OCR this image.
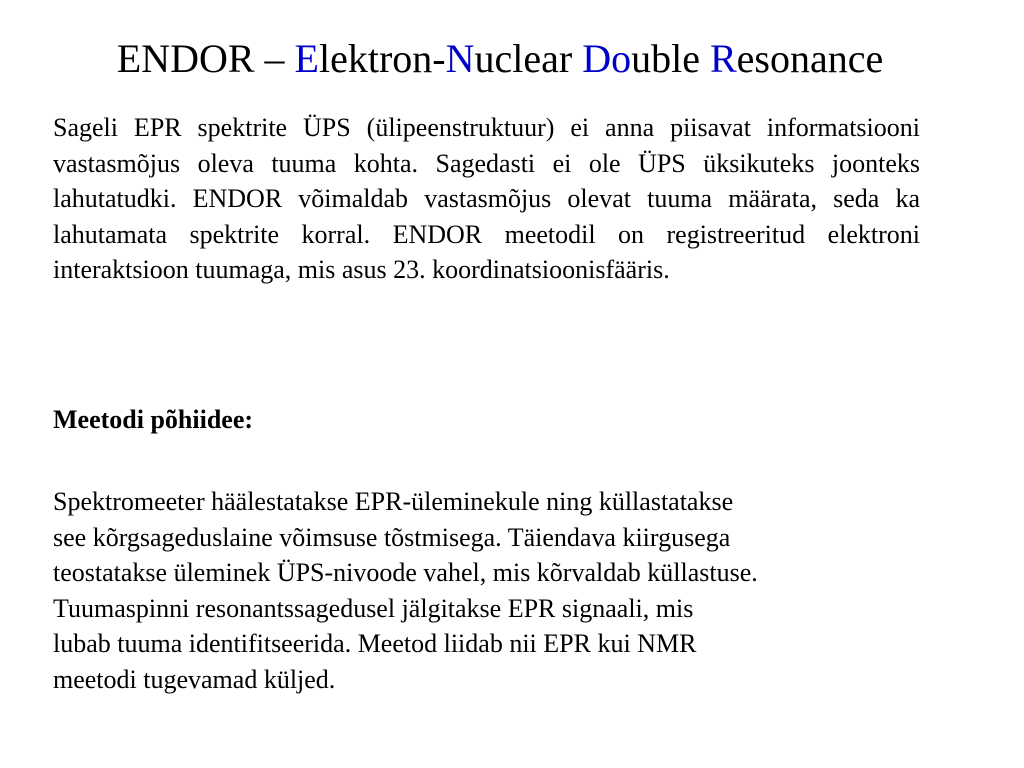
ENDOR – Elektron-Nuclear Double Resonance

Sageli EPR spektrite ÜPS (ülipeenstruktuur) ei anna piisavat informatsiooni vastasmõjus oleva tuuma kohta. Sagedasti ei ole ÜPS üksikuteks joonteks lahutatudki. ENDOR võimaldab vastasmõjus olevat tuuma määrata, seda ka lahutamata spektrite korral. ENDOR meetodil on registreeritud elektroni interaktsioon tuumaga, mis asus 23. koordinatsioonisfääris.

Meetodi põhiidee:

Spektromeeter häälestatakse EPR-üleminekule ning küllastatakse
see kõrgsageduslaine võimsuse tõstmisega. Täiendava kiirgusega
teostatakse üleminek ÜPS-nivoode vahel, mis kõrvaldab küllastuse.
Tuumaspinni resonantssagedusel jälgitakse EPR signaali, mis
lubab tuuma identifitseerida. Meetod liidab nii EPR kui NMR
meetodi tugevamad küljed.
